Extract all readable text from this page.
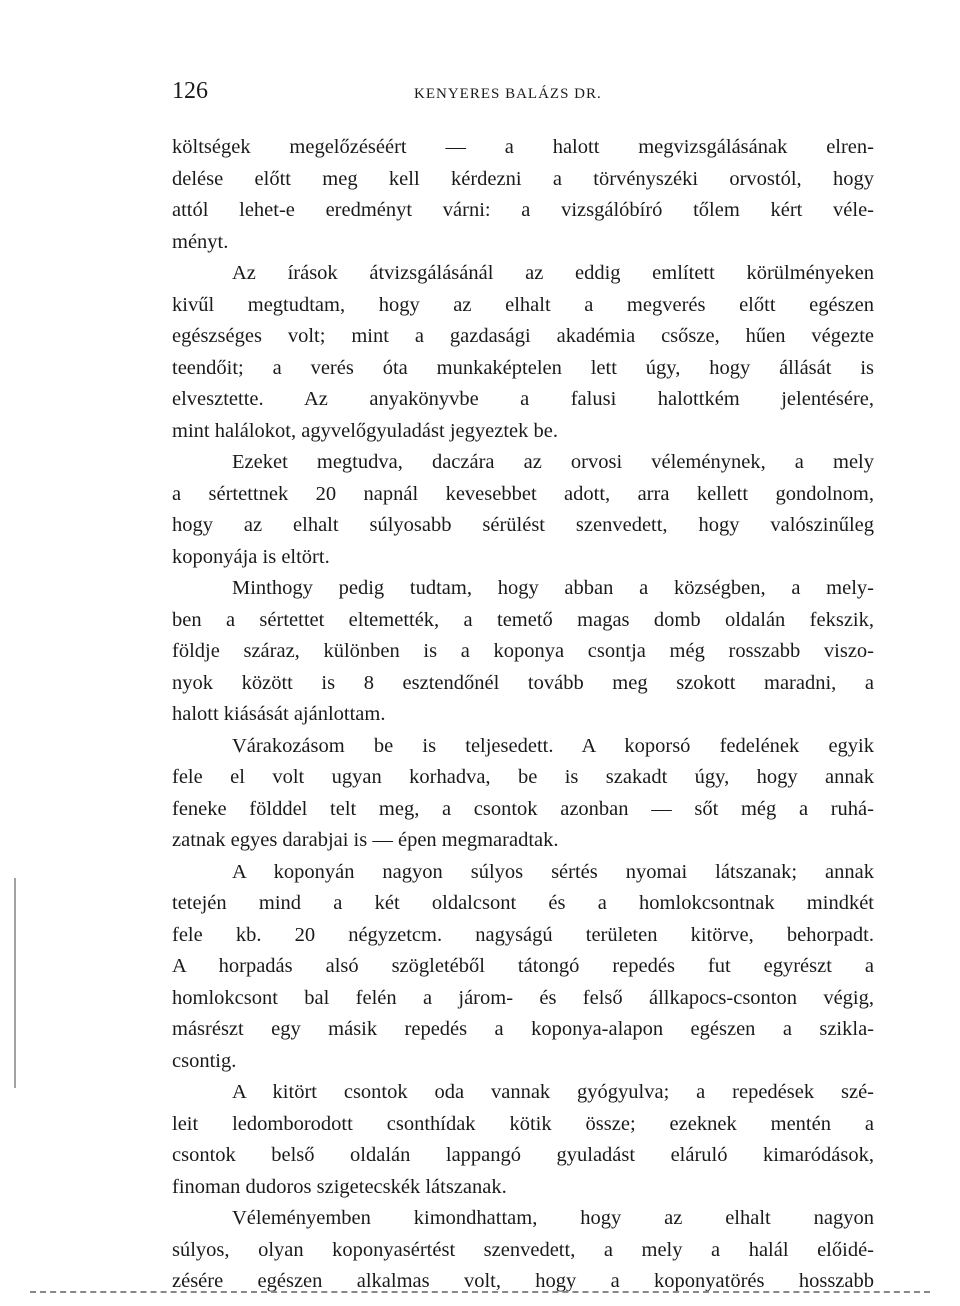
126	KENYERES BALÁZS DR.
költségek megelőzéséért — a halott megvizsgálásának elren-
delése előtt meg kell kérdezni a törvényszéki orvostól, hogy
attól lehet-e eredményt várni: a vizsgálóbíró tőlem kért véle-
ményt.
Az írások átvizsgálásánál az eddig említett körülményeken
kivűl megtudtam, hogy az elhalt a megverés előtt egészen
egészséges volt; mint a gazdasági akadémia csősze, hűen végezte
teendőit; a verés óta munkaképtelen lett úgy, hogy állását is
elvesztette. Az anyakönyvbe a falusi halottkém jelentésére,
mint halálokot, agyvelőgyuladást jegyeztek be.
Ezeket megtudva, daczára az orvosi véleménynek, a mely
a sértettnek 20 napnál kevesebbet adott, arra kellett gondolnom,
hogy az elhalt súlyosabb sérülést szenvedett, hogy valószinűleg
koponyája is eltört.
Minthogy pedig tudtam, hogy abban a községben, a mely-
ben a sértettet eltemették, a temető magas domb oldalán fekszik,
földje száraz, különben is a koponya csontja még rosszabb viszo-
nyok között is 8 esztendőnél tovább meg szokott maradni, a
halott kiásását ajánlottam.
Várakozásom be is teljesedett. A koporsó fedelének egyik
fele el volt ugyan korhadva, be is szakadt úgy, hogy annak
feneke földdel telt meg, a csontok azonban — sőt még a ruhá-
zatnak egyes darabjai is — épen megmaradtak.
A koponyán nagyon súlyos sértés nyomai látszanak; annak
tetején mind a két oldalcsont és a homlokcsontnak mindkét
fele kb. 20 négyzetcm. nagyságú területen kitörve, behorpadt.
A horpadás alsó szögletéből tátongó repedés fut egyrészt a
homlokcsont bal felén a járom- és felső állkapocs-csonton végig,
másrészt egy másik repedés a koponya-alapon egészen a szikla-
csontig.
A kitört csontok oda vannak gyógyulva; a repedések szé-
leit ledomborodott csonthídak kötik össze; ezeknek mentén a
csontok belső oldalán lappangó gyuladást eláruló kimaródások,
finoman dudoros szigetecskék látszanak.
Véleményemben kimondhattam, hogy az elhalt nagyon
súlyos, olyan koponyasértést szenvedett, a mely a halál előidé-
zésére egészen alkalmas volt, hogy a koponyatörés hosszabb
